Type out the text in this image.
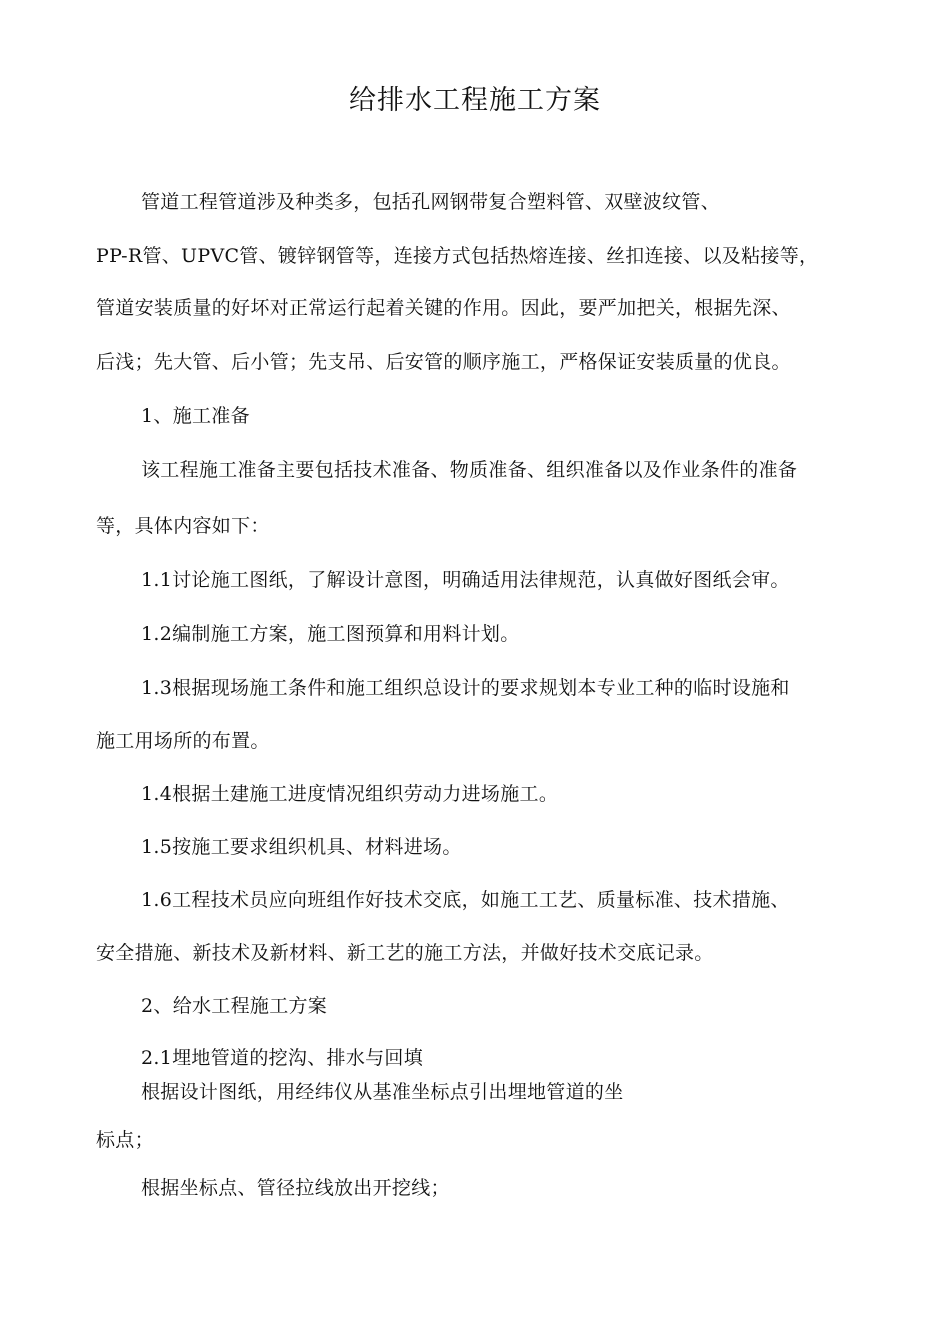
给排水工程施工方案
管道工程管道涉及种类多，包括孔网钢带复合塑料管、双壁波纹管、
PP-R管、UPVC管、镀锌钢管等，连接方式包括热熔连接、丝扣连接、以及粘接等，
管道安装质量的好坏对正常运行起着关键的作用。因此，要严加把关，根据先深、
后浅；先大管、后小管；先支吊、后安管的顺序施工，严格保证安装质量的优良。
1、施工准备
该工程施工准备主要包括技术准备、物质准备、组织准备以及作业条件的准备
等，具体内容如下：
1.1讨论施工图纸，了解设计意图，明确适用法律规范，认真做好图纸会审。
1.2编制施工方案，施工图预算和用料计划。
1.3根据现场施工条件和施工组织总设计的要求规划本专业工种的临时设施和
施工用场所的布置。
1.4根据土建施工进度情况组织劳动力进场施工。
1.5按施工要求组织机具、材料进场。
1.6工程技术员应向班组作好技术交底，如施工工艺、质量标准、技术措施、
安全措施、新技术及新材料、新工艺的施工方法，并做好技术交底记录。
2、给水工程施工方案
2.1埋地管道的挖沟、排水与回填
根据设计图纸，用经纬仪从基准坐标点引出埋地管道的坐
标点；
根据坐标点、管径拉线放出开挖线；
